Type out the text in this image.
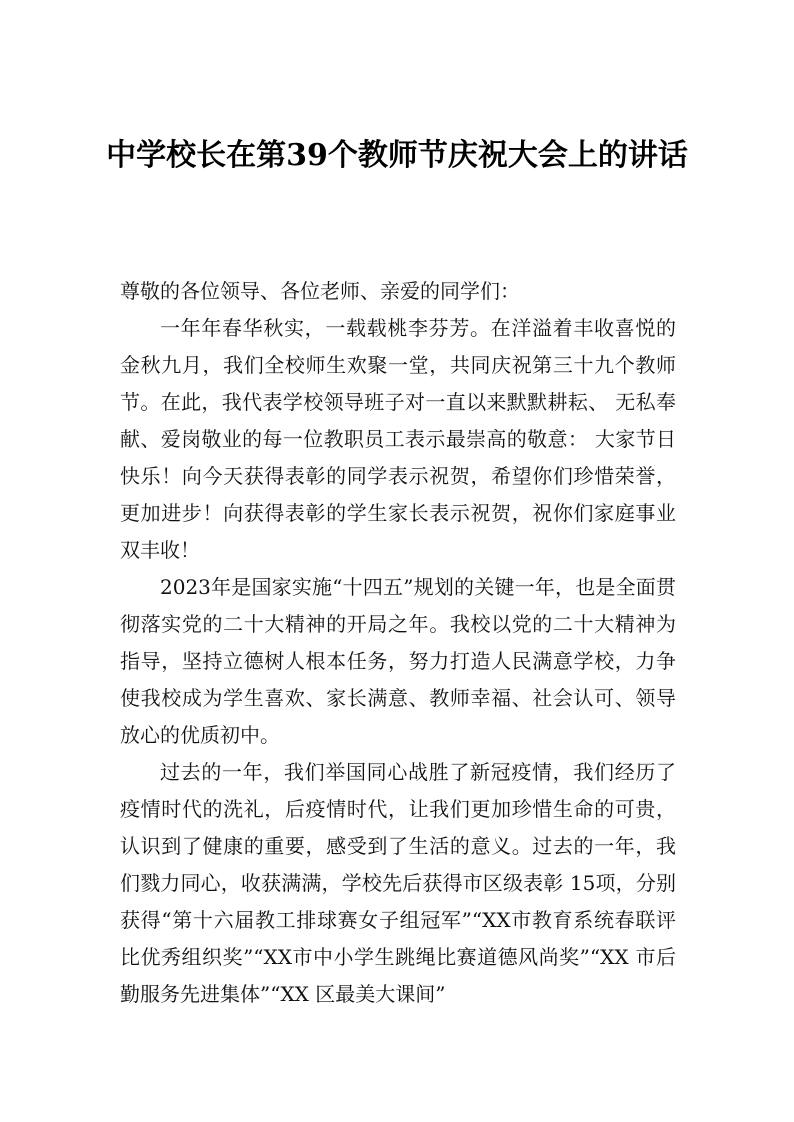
中学校长在第39个教师节庆祝大会上的讲话

尊敬的各位领导、各位老师、亲爱的同学们：

一年年春华秋实，一载载桃李芬芳。在洋溢着丰收喜悦的金秋九月，我们全校师生欢聚一堂，共同庆祝第三十九个教师节。在此，我代表学校领导班子对一直以来默默耕耘、 无私奉献、爱岗敬业的每一位教职员工表示最崇高的敬意： 大家节日快乐！向今天获得表彰的同学表示祝贺，希望你们珍惜荣誉，更加进步！向获得表彰的学生家长表示祝贺，祝你们家庭事业双丰收！

2023年是国家实施“十四五”规划的关键一年，也是全面贯彻落实党的二十大精神的开局之年。我校以党的二十大精神为指导，坚持立德树人根本任务，努力打造人民满意学校，力争使我校成为学生喜欢、家长满意、教师幸福、社会认可、领导放心的优质初中。

过去的一年，我们举国同心战胜了新冠疫情，我们经历了疫情时代的洗礼，后疫情时代，让我们更加珍惜生命的可贵，认识到了健康的重要，感受到了生活的意义。过去的一年，我们戮力同心，收获满满，学校先后获得市区级表彰 15项，分别获得“第十六届教工排球赛女子组冠军”“XX市教育系统春联评比优秀组织奖”“XX市中小学生跳绳比赛道德风尚奖”“XX 市后勤服务先进集体”“XX 区最美大课间”
